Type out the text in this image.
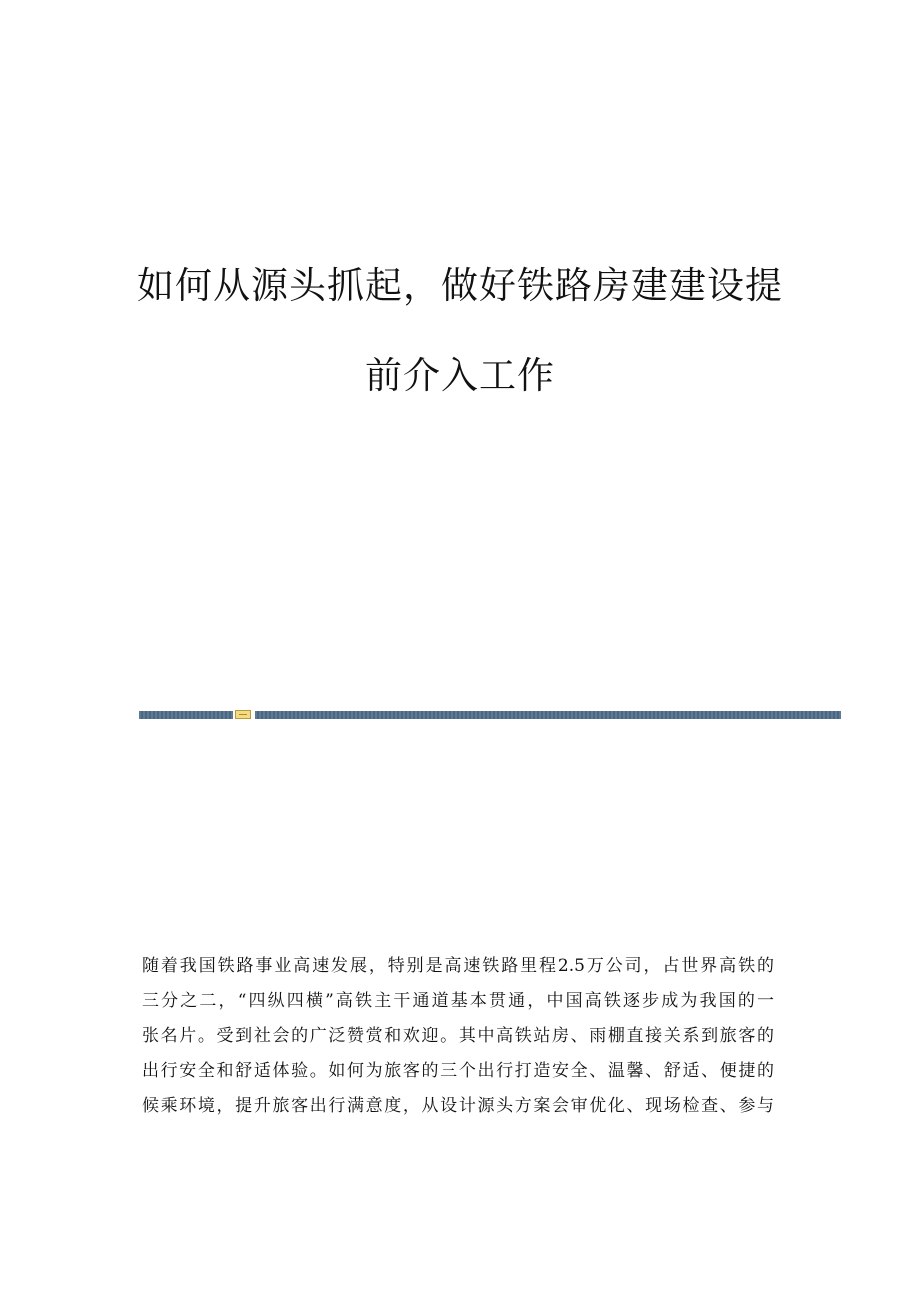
如何从源头抓起，做好铁路房建建设提
前介入工作
随着我国铁路事业高速发展，特别是高速铁路里程2.5万公司，占世界高铁的
三分之二，“四纵四横”高铁主干通道基本贯通，中国高铁逐步成为我国的一
张名片。受到社会的广泛赞赏和欢迎。其中高铁站房、雨棚直接关系到旅客的
出行安全和舒适体验。如何为旅客的三个出行打造安全、温馨、舒适、便捷的
候乘环境，提升旅客出行满意度，从设计源头方案会审优化、现场检查、参与
